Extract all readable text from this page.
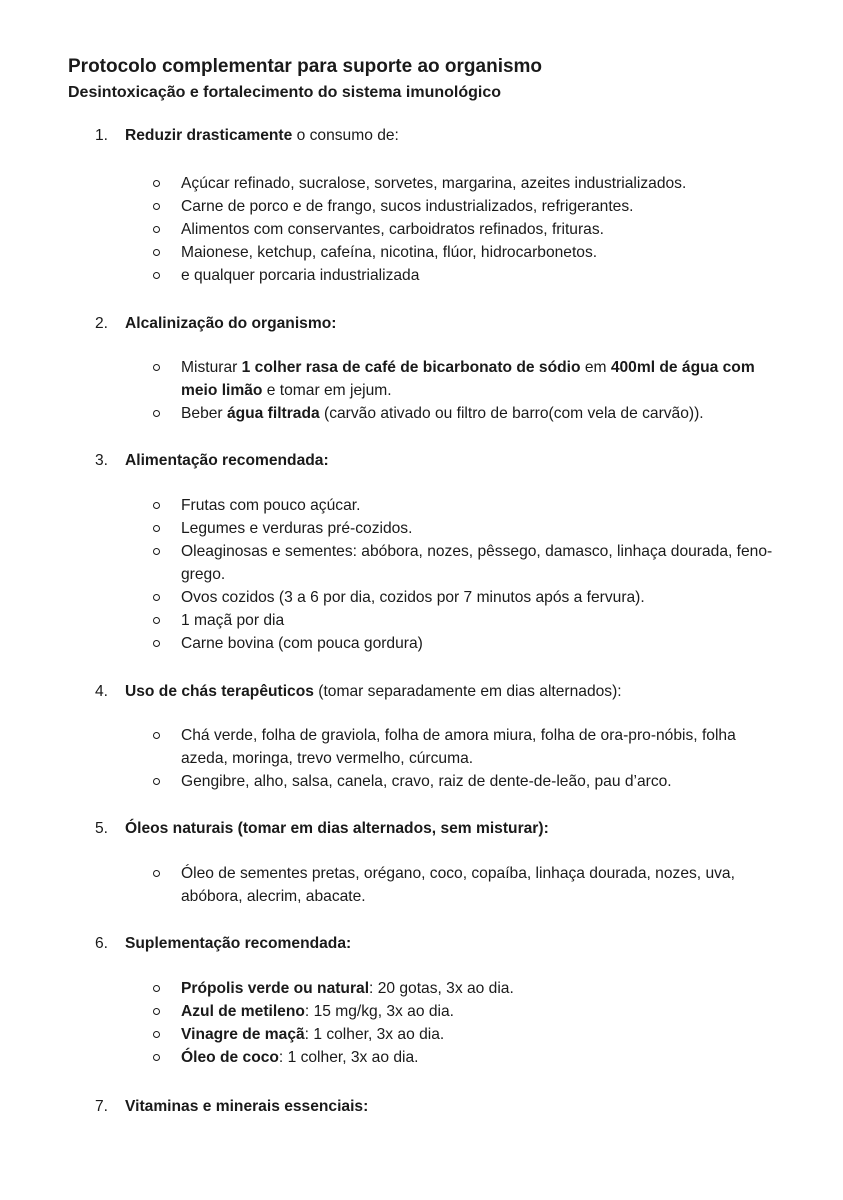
Protocolo complementar para suporte ao organismo
Desintoxicação e fortalecimento do sistema imunológico
1. Reduzir drasticamente o consumo de:
Açúcar refinado, sucralose, sorvetes, margarina, azeites industrializados.
Carne de porco e de frango, sucos industrializados, refrigerantes.
Alimentos com conservantes, carboidratos refinados, frituras.
Maionese, ketchup, cafeína, nicotina, flúor, hidrocarbonetos.
e qualquer porcaria industrializada
2. Alcalinização do organismo:
Misturar 1 colher rasa de café de bicarbonato de sódio em 400ml de água com meio limão e tomar em jejum.
Beber água filtrada (carvão ativado ou filtro de barro(com vela de carvão)).
3. Alimentação recomendada:
Frutas com pouco açúcar.
Legumes e verduras pré-cozidos.
Oleaginosas e sementes: abóbora, nozes, pêssego, damasco, linhaça dourada, feno-grego.
Ovos cozidos (3 a 6 por dia, cozidos por 7 minutos após a fervura).
1 maçã por dia
Carne bovina (com pouca gordura)
4. Uso de chás terapêuticos (tomar separadamente em dias alternados):
Chá verde, folha de graviola, folha de amora miura, folha de ora-pro-nóbis, folha azeda, moringa, trevo vermelho, cúrcuma.
Gengibre, alho, salsa, canela, cravo, raiz de dente-de-leão, pau d’arco.
5. Óleos naturais (tomar em dias alternados, sem misturar):
Óleo de sementes pretas, orégano, coco, copaíba, linhaça dourada, nozes, uva, abóbora, alecrim, abacate.
6. Suplementação recomendada:
Própolis verde ou natural: 20 gotas, 3x ao dia.
Azul de metileno: 15 mg/kg, 3x ao dia.
Vinagre de maçã: 1 colher, 3x ao dia.
Óleo de coco: 1 colher, 3x ao dia.
7. Vitaminas e minerais essenciais:
